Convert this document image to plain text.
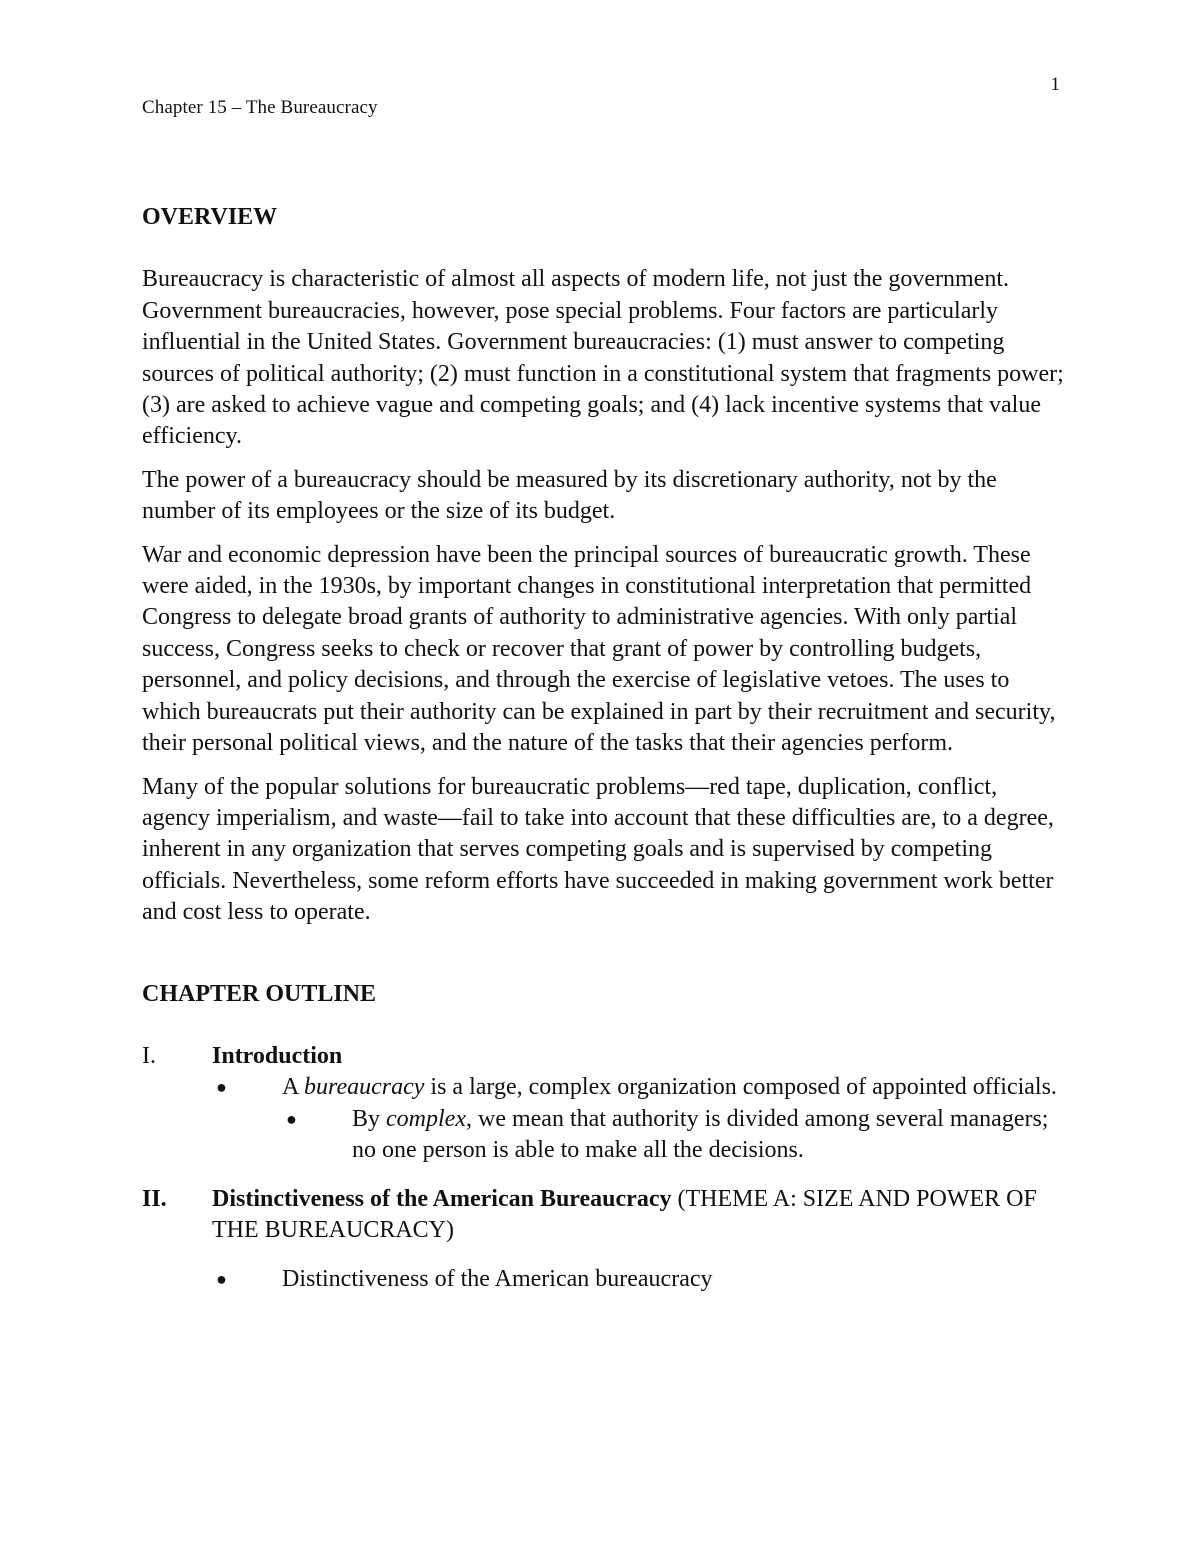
1
Chapter 15 – The Bureaucracy

OVERVIEW

Bureaucracy is characteristic of almost all aspects of modern life, not just the government. Government bureaucracies, however, pose special problems. Four factors are particularly influential in the United States. Government bureaucracies: (1) must answer to competing sources of political authority; (2) must function in a constitutional system that fragments power; (3) are asked to achieve vague and competing goals; and (4) lack incentive systems that value efficiency.

The power of a bureaucracy should be measured by its discretionary authority, not by the number of its employees or the size of its budget.

War and economic depression have been the principal sources of bureaucratic growth. These were aided, in the 1930s, by important changes in constitutional interpretation that permitted Congress to delegate broad grants of authority to administrative agencies. With only partial success, Congress seeks to check or recover that grant of power by controlling budgets, personnel, and policy decisions, and through the exercise of legislative vetoes. The uses to which bureaucrats put their authority can be explained in part by their recruitment and security, their personal political views, and the nature of the tasks that their agencies perform.

Many of the popular solutions for bureaucratic problems—red tape, duplication, conflict, agency imperialism, and waste—fail to take into account that these difficulties are, to a degree, inherent in any organization that serves competing goals and is supervised by competing officials. Nevertheless, some reform efforts have succeeded in making government work better and cost less to operate.

CHAPTER OUTLINE

I.	Introduction
●	A bureaucracy is a large, complex organization composed of appointed officials.
●	By complex, we mean that authority is divided among several managers; no one person is able to make all the decisions.
II.	Distinctiveness of the American Bureaucracy (THEME A: SIZE AND POWER OF THE BUREAUCRACY)
●	Distinctiveness of the American bureaucracy
